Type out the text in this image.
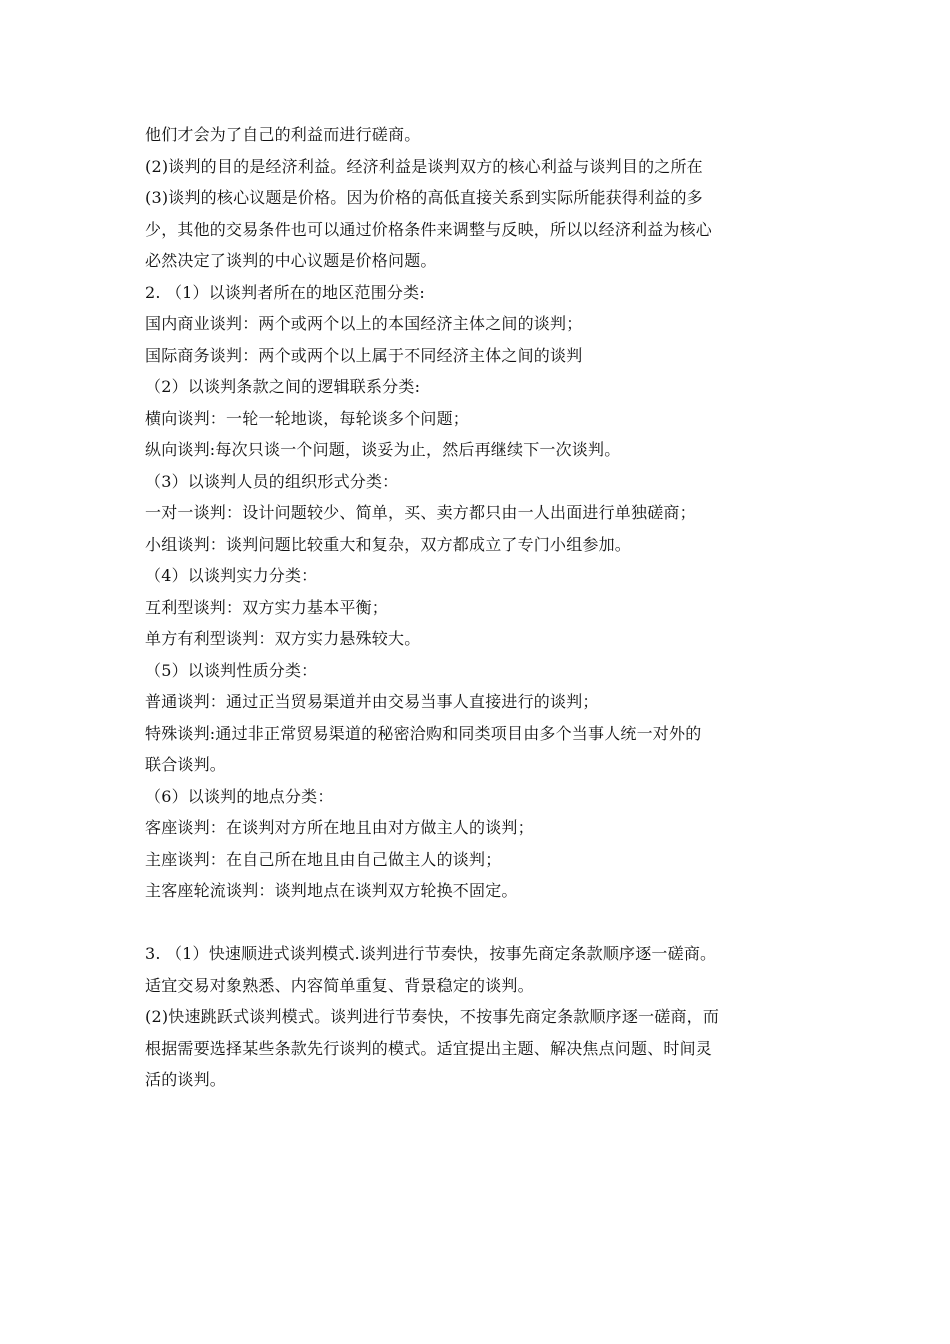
他们才会为了自己的利益而进行磋商。
(2)谈判的目的是经济利益。经济利益是谈判双方的核心利益与谈判目的之所在
(3)谈判的核心议题是价格。因为价格的高低直接关系到实际所能获得利益的多
少，其他的交易条件也可以通过价格条件来调整与反映，所以以经济利益为核心
必然决定了谈判的中心议题是价格问题。
2. （1）以谈判者所在的地区范围分类:
国内商业谈判：两个或两个以上的本国经济主体之间的谈判；
国际商务谈判：两个或两个以上属于不同经济主体之间的谈判
（2）以谈判条款之间的逻辑联系分类:
横向谈判：一轮一轮地谈，每轮谈多个问题；
纵向谈判:每次只谈一个问题，谈妥为止，然后再继续下一次谈判。
（3）以谈判人员的组织形式分类：
一对一谈判：设计问题较少、简单，买、卖方都只由一人出面进行单独磋商；
小组谈判：谈判问题比较重大和复杂，双方都成立了专门小组参加。
（4）以谈判实力分类：
互利型谈判：双方实力基本平衡；
单方有利型谈判：双方实力悬殊较大。
（5）以谈判性质分类：
普通谈判：通过正当贸易渠道并由交易当事人直接进行的谈判；
特殊谈判:通过非正常贸易渠道的秘密洽购和同类项目由多个当事人统一对外的
联合谈判。
（6）以谈判的地点分类：
客座谈判：在谈判对方所在地且由对方做主人的谈判；
主座谈判：在自己所在地且由自己做主人的谈判；
主客座轮流谈判：谈判地点在谈判双方轮换不固定。
3. （1）快速顺进式谈判模式.谈判进行节奏快，按事先商定条款顺序逐一磋商。
适宜交易对象熟悉、内容简单重复、背景稳定的谈判。
(2)快速跳跃式谈判模式。谈判进行节奏快，不按事先商定条款顺序逐一磋商，而
根据需要选择某些条款先行谈判的模式。适宜提出主题、解决焦点问题、时间灵
活的谈判。
